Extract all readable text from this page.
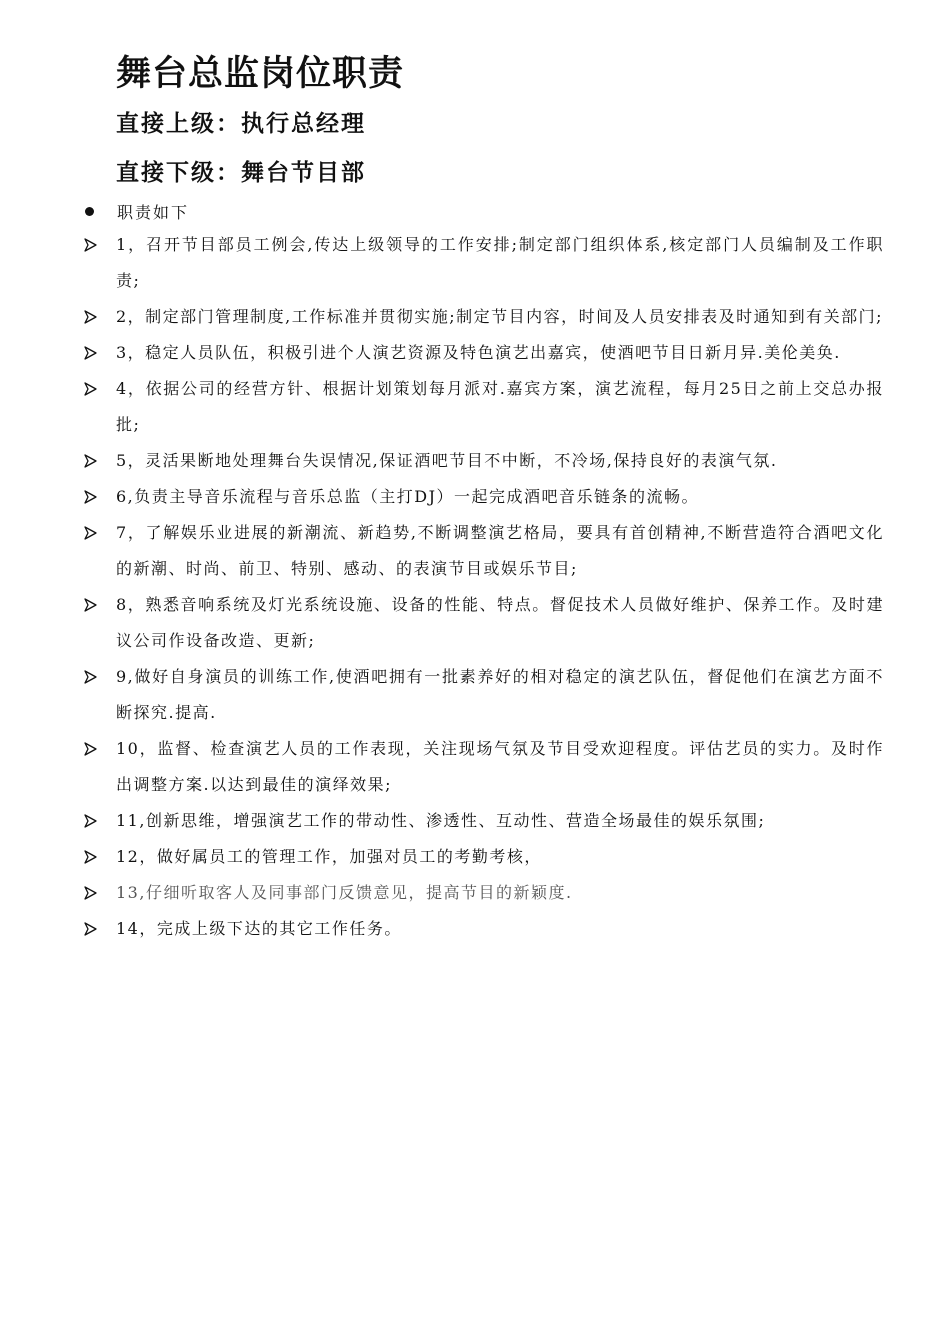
舞台总监岗位职责
直接上级：执行总经理
直接下级：舞台节目部
职责如下
1，召开节目部员工例会,传达上级领导的工作安排;制定部门组织体系,核定部门人员编制及工作职责;
2，制定部门管理制度,工作标准并贯彻实施;制定节目内容，时间及人员安排表及时通知到有关部门;
3，稳定人员队伍，积极引进个人演艺资源及特色演艺出嘉宾，使酒吧节目日新月异.美伦美奂.
4，依据公司的经营方针、根据计划策划每月派对.嘉宾方案，演艺流程，每月25日之前上交总办报批;
5，灵活果断地处理舞台失误情况,保证酒吧节目不中断，不冷场,保持良好的表演气氛.
6,负责主导音乐流程与音乐总监（主打DJ）一起完成酒吧音乐链条的流畅。
7，了解娱乐业进展的新潮流、新趋势,不断调整演艺格局，要具有首创精神,不断营造符合酒吧文化的新潮、时尚、前卫、特别、感动、的表演节目或娱乐节目;
8，熟悉音响系统及灯光系统设施、设备的性能、特点。督促技术人员做好维护、保养工作。及时建议公司作设备改造、更新;
9,做好自身演员的训练工作,使酒吧拥有一批素养好的相对稳定的演艺队伍，督促他们在演艺方面不断探究.提高.
10，监督、检查演艺人员的工作表现，关注现场气氛及节目受欢迎程度。评估艺员的实力。及时作出调整方案.以达到最佳的演绎效果;
11,创新思维，增强演艺工作的带动性、渗透性、互动性、营造全场最佳的娱乐氛围;
12，做好属员工的管理工作，加强对员工的考勤考核，
13,仔细听取客人及同事部门反馈意见，提高节目的新颖度.
14，完成上级下达的其它工作任务。
